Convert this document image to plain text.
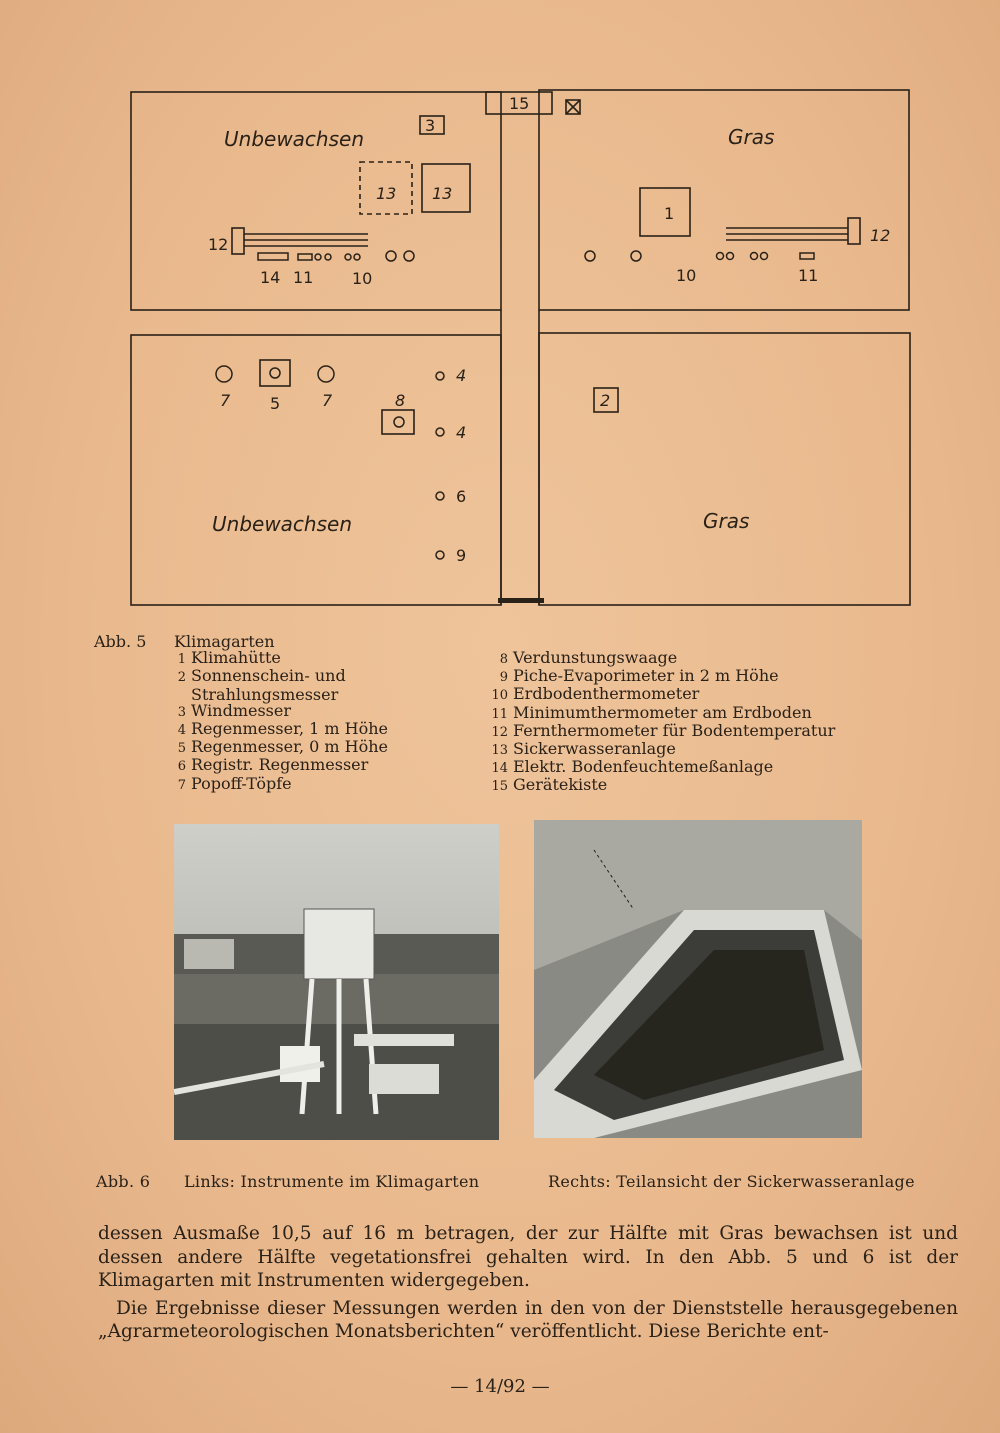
Unbewachsen	Gras
Unbewachsen	Gras
15
3
13 13
12
14 11 10
1
12
10	11
5
7	7	8
4
4
6
9
2
Abb. 5 Klimagarten
1 Klimahütte
2 Sonnenschein- und
Strahlungsmesser
3 Windmesser
4 Regenmesser, 1 m Höhe
5 Regenmesser, 0 m Höhe
6 Registr. Regenmesser
7 Popoff-Töpfe
8 Verdunstungswaage
9 Piche-Evaporimeter in 2 m Höhe
10 Erdbodenthermometer
11 Minimumthermometer am Erdboden
12 Fernthermometer für Bodentemperatur
13 Sickerwasseranlage
14 Elektr. Bodenfeuchtemeßanlage
15 Gerätekiste
Abb. 6 Links: Instrumente im Klimagarten	Rechts: Teilansicht der Sickerwasseranlage

dessen Ausmaße 10,5 auf 16 m betragen, der zur Hälfte mit Gras bewachsen ist und dessen andere Hälfte vegetationsfrei gehalten wird. In den Abb. 5 und 6 ist der Klimagarten mit Instrumenten widergegeben.

Die Ergebnisse dieser Messungen werden in den von der Dienststelle herausgegebenen „Agrarmeteorologischen Monatsberichten“ veröffentlicht. Diese Berichte ent-

— 14/92 —
